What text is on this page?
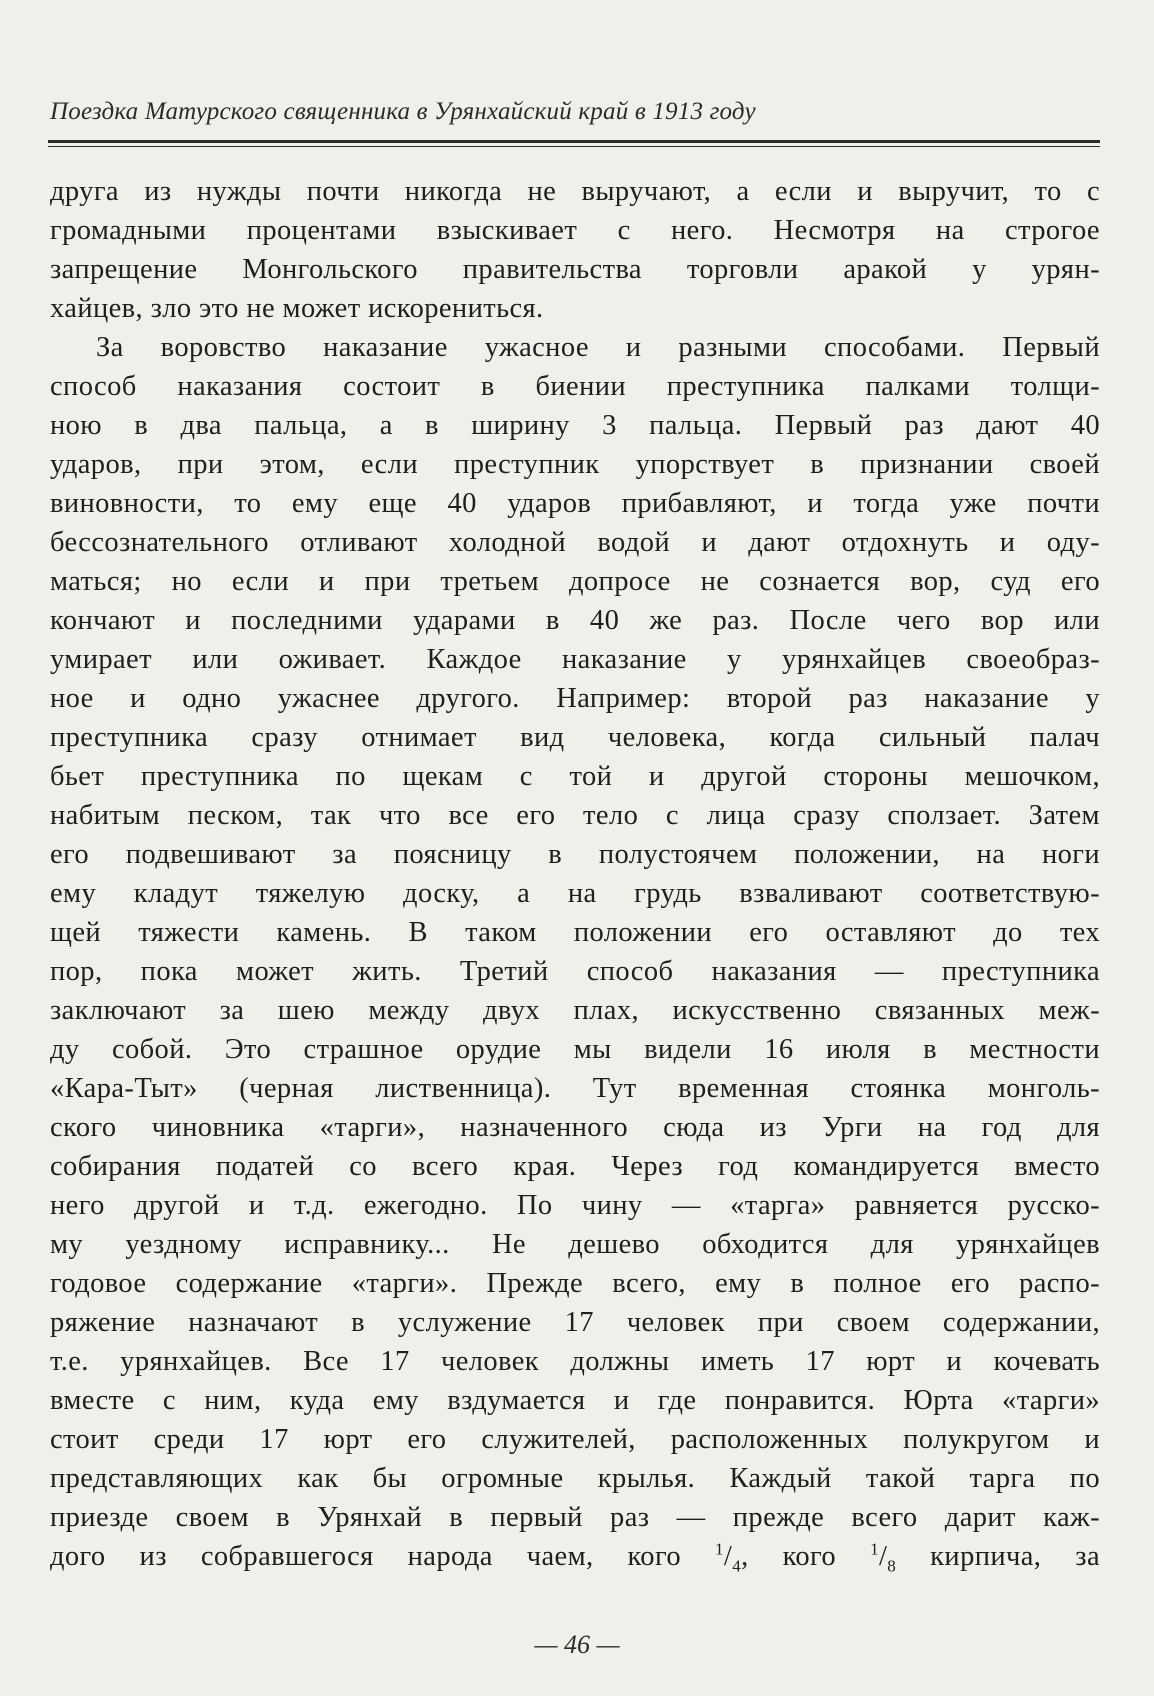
Поездка Матурского священника в Урянхайский край в 1913 году
друга из нужды почти никогда не выручают, а если и выручит, то с
громадными процентами взыскивает с него. Несмотря на строгое
запрещение Монгольского правительства торговли аракой у урян-
хайцев, зло это не может искорениться.
За воровство наказание ужасное и разными способами. Первый
способ наказания состоит в биении преступника палками толщи-
ною в два пальца, а в ширину 3 пальца. Первый раз дают 40
ударов, при этом, если преступник упорствует в признании своей
виновности, то ему еще 40 ударов прибавляют, и тогда уже почти
бессознательного отливают холодной водой и дают отдохнуть и оду-
маться; но если и при третьем допросе не сознается вор, суд его
кончают и последними ударами в 40 же раз. После чего вор или
умирает или оживает. Каждое наказание у урянхайцев своеобраз-
ное и одно ужаснее другого. Например: второй раз наказание у
преступника сразу отнимает вид человека, когда сильный палач
бьет преступника по щекам с той и другой стороны мешочком,
набитым песком, так что все его тело с лица сразу сползает. Затем
его подвешивают за поясницу в полустоячем положении, на ноги
ему кладут тяжелую доску, а на грудь взваливают соответствую-
щей тяжести камень. В таком положении его оставляют до тех
пор, пока может жить. Третий способ наказания — преступника
заключают за шею между двух плах, искусственно связанных меж-
ду собой. Это страшное орудие мы видели 16 июля в местности
«Кара-Тыт» (черная лиственница). Тут временная стоянка монголь-
ского чиновника «тарги», назначенного сюда из Урги на год для
собирания податей со всего края. Через год командируется вместо
него другой и т.д. ежегодно. По чину — «тарга» равняется русско-
му уездному исправнику... Не дешево обходится для урянхайцев
годовое содержание «тарги». Прежде всего, ему в полное его распо-
ряжение назначают в услужение 17 человек при своем содержании,
т.е. урянхайцев. Все 17 человек должны иметь 17 юрт и кочевать
вместе с ним, куда ему вздумается и где понравится. Юрта «тарги»
стоит среди 17 юрт его служителей, расположенных полукругом и
представляющих как бы огромные крылья. Каждый такой тарга по
приезде своем в Урянхай в первый раз — прежде всего дарит каж-
дого из собравшегося народа чаем, кого $^1/_4$, кого $^1/_8$ кирпича, за
— 46 —
